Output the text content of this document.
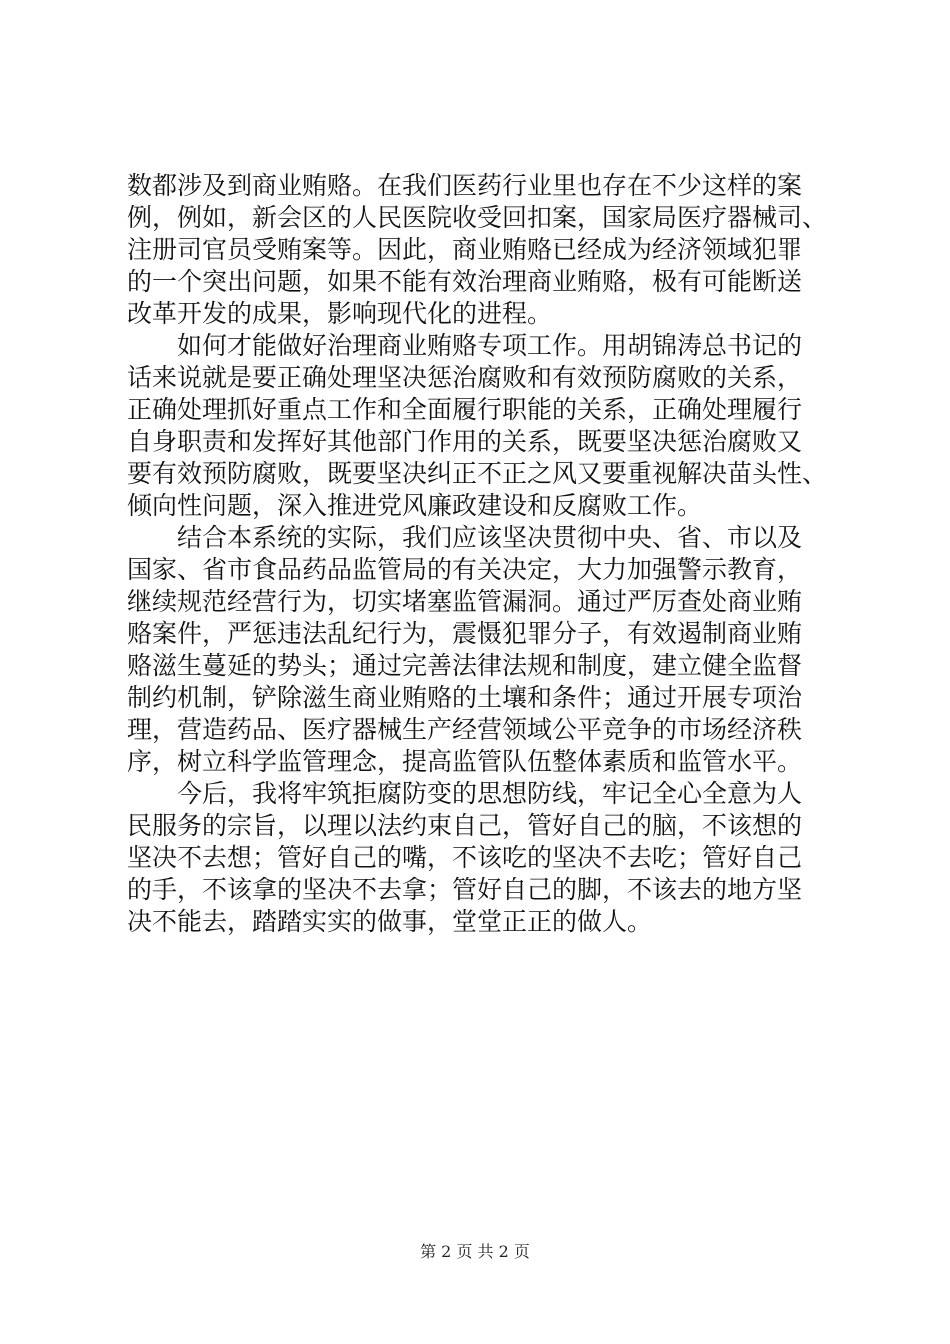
数都涉及到商业贿赂。在我们医药行业里也存在不少这样的案
例，例如，新会区的人民医院收受回扣案，国家局医疗器械司、
注册司官员受贿案等。因此，商业贿赂已经成为经济领域犯罪
的一个突出问题，如果不能有效治理商业贿赂，极有可能断送
改革开发的成果，影响现代化的进程。
如何才能做好治理商业贿赂专项工作。用胡锦涛总书记的
话来说就是要正确处理坚决惩治腐败和有效预防腐败的关系，
正确处理抓好重点工作和全面履行职能的关系，正确处理履行
自身职责和发挥好其他部门作用的关系，既要坚决惩治腐败又
要有效预防腐败，既要坚决纠正不正之风又要重视解决苗头性、
倾向性问题，深入推进党风廉政建设和反腐败工作。
结合本系统的实际，我们应该坚决贯彻中央、省、市以及
国家、省市食品药品监管局的有关决定，大力加强警示教育，
继续规范经营行为，切实堵塞监管漏洞。通过严厉查处商业贿
赂案件，严惩违法乱纪行为，震慑犯罪分子，有效遏制商业贿
赂滋生蔓延的势头；通过完善法律法规和制度，建立健全监督
制约机制，铲除滋生商业贿赂的土壤和条件；通过开展专项治
理，营造药品、医疗器械生产经营领域公平竞争的市场经济秩
序，树立科学监管理念，提高监管队伍整体素质和监管水平。
今后，我将牢筑拒腐防变的思想防线，牢记全心全意为人
民服务的宗旨，以理以法约束自己，管好自己的脑，不该想的
坚决不去想；管好自己的嘴，不该吃的坚决不去吃；管好自己
的手，不该拿的坚决不去拿；管好自己的脚，不该去的地方坚
决不能去，踏踏实实的做事，堂堂正正的做人。
第 2 页 共 2 页
